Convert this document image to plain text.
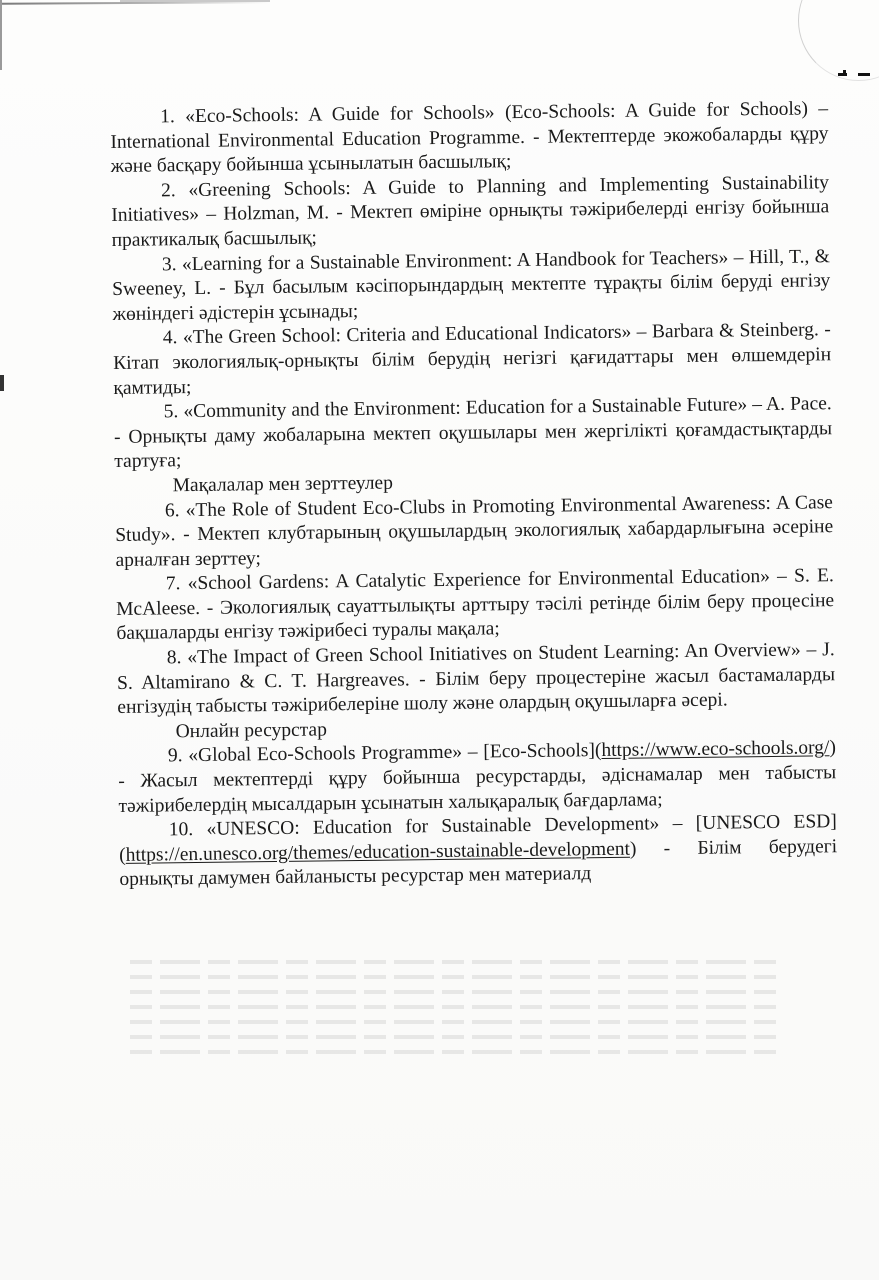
1. «Eco-Schools: A Guide for Schools» (Eco-Schools: A Guide for Schools) – International Environmental Education Programme. - Мектептерде экожобаларды құру және басқару бойынша ұсынылатын басшылық;

2. «Greening Schools: A Guide to Planning and Implementing Sustainability Initiatives» – Holzman, M. - Мектеп өміріне орнықты тәжірибелерді енгізу бойынша практикалық басшылық;

3. «Learning for a Sustainable Environment: A Handbook for Teachers» – Hill, T., & Sweeney, L. - Бұл басылым кәсіпорындардың мектепте тұрақты білім беруді енгізу жөніндегі әдістерін ұсынады;

4. «The Green School: Criteria and Educational Indicators» – Barbara & Steinberg. - Кітап экологиялық-орнықты білім берудің негізгі қағидаттары мен өлшемдерін қамтиды;

5. «Community and the Environment: Education for a Sustainable Future» – A. Pace. - Орнықты даму жобаларына мектеп оқушылары мен жергілікті қоғамдастықтарды тартуға;

Мақалалар мен зерттеулер

6. «The Role of Student Eco-Clubs in Promoting Environmental Awareness: A Case Study». - Мектеп клубтарының оқушылардың экологиялық хабардарлығына әсеріне арналған зерттеу;

7. «School Gardens: A Catalytic Experience for Environmental Education» – S. E. McAleese. - Экологиялық сауаттылықты арттыру тәсілі ретінде білім беру процесіне бақшаларды енгізу тәжірибесі туралы мақала;

8. «The Impact of Green School Initiatives on Student Learning: An Overview» – J. S. Altamirano & C. T. Hargreaves. - Білім беру процестеріне жасыл бастамаларды енгізудің табысты тәжірибелеріне шолу және олардың оқушыларға әсері.

Онлайн ресурстар

9. «Global Eco-Schools Programme» – [Eco-Schools](https://www.eco-schools.org/) - Жасыл мектептерді құру бойынша ресурстарды, әдіснамалар мен табысты тәжірибелердің мысалдарын ұсынатын халықаралық бағдарлама;

10. «UNESCO: Education for Sustainable Development» – [UNESCO ESD] (https://en.unesco.org/themes/education-sustainable-development) - Білім берудегі орнықты дамумен байланысты ресурстар мен материалд
